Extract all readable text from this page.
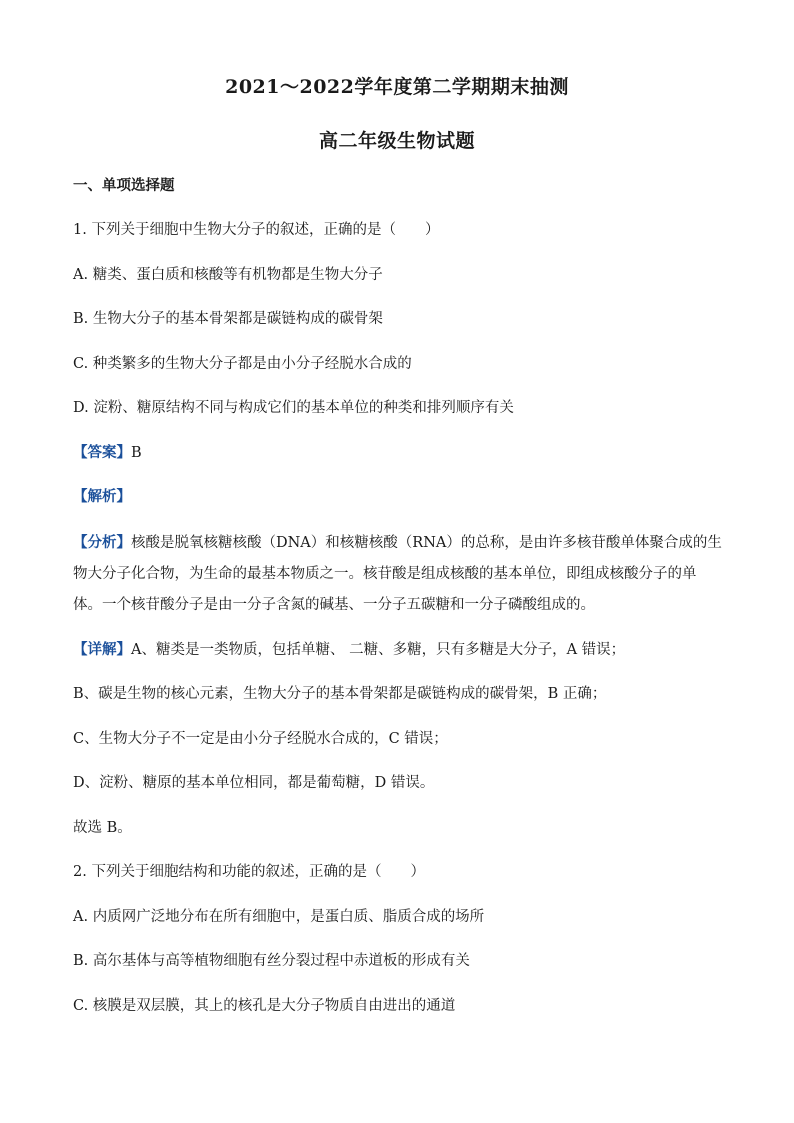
2021～2022学年度第二学期期末抽测
高二年级生物试题
一、单项选择题
1. 下列关于细胞中生物大分子的叙述，正确的是（　　）
A. 糖类、蛋白质和核酸等有机物都是生物大分子
B. 生物大分子的基本骨架都是碳链构成的碳骨架
C. 种类繁多的生物大分子都是由小分子经脱水合成的
D. 淀粉、糖原结构不同与构成它们的基本单位的种类和排列顺序有关
【答案】B
【解析】
【分析】核酸是脱氧核糖核酸（DNA）和核糖核酸（RNA）的总称，是由许多核苷酸单体聚合成的生物大分子化合物，为生命的最基本物质之一。核苷酸是组成核酸的基本单位，即组成核酸分子的单体。一个核苷酸分子是由一分子含氮的碱基、一分子五碳糖和一分子磷酸组成的。
【详解】A、糖类是一类物质，包括单糖、 二糖、多糖，只有多糖是大分子，A 错误；
B、碳是生物的核心元素，生物大分子的基本骨架都是碳链构成的碳骨架，B 正确；
C、生物大分子不一定是由小分子经脱水合成的，C 错误；
D、淀粉、糖原的基本单位相同，都是葡萄糖，D 错误。
故选 B。
2. 下列关于细胞结构和功能的叙述，正确的是（　　）
A. 内质网广泛地分布在所有细胞中，是蛋白质、脂质合成的场所
B. 高尔基体与高等植物细胞有丝分裂过程中赤道板的形成有关
C. 核膜是双层膜，其上的核孔是大分子物质自由进出的通道
